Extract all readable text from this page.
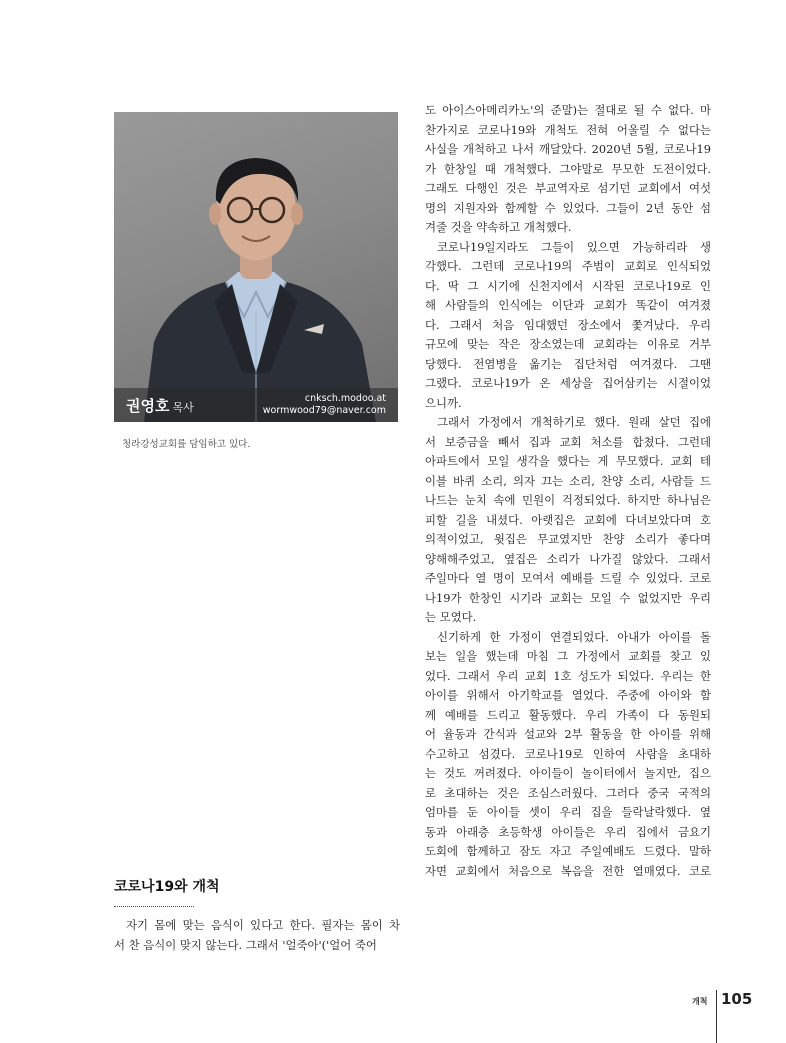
권영호 목사
cnksch.modoo.at
wormwood79@naver.com
청라강성교회를 담임하고 있다.
코로나19와 개척
자기 몸에 맞는 음식이 있다고 한다. 필자는 몸이 차
서 찬 음식이 맞지 않는다. 그래서 '얼죽아'('얼어 죽어
도 아이스아메리카노'의 준말)는 절대로 될 수 없다. 마
찬가지로 코로나19와 개척도 전혀 어울릴 수 없다는
사실을 개척하고 나서 깨달았다. 2020년 5월, 코로나19
가 한창일 때 개척했다. 그야말로 무모한 도전이었다.
그래도 다행인 것은 부교역자로 섬기던 교회에서 여섯
명의 지원자와 함께할 수 있었다. 그들이 2년 동안 섬
겨줄 것을 약속하고 개척했다.
코로나19일지라도 그들이 있으면 가능하리라 생
각했다. 그런데 코로나19의 주범이 교회로 인식되었
다. 딱 그 시기에 신천지에서 시작된 코로나19로 인
해 사람들의 인식에는 이단과 교회가 똑같이 여겨졌
다. 그래서 처음 임대했던 장소에서 쫓겨났다. 우리
규모에 맞는 작은 장소였는데 교회라는 이유로 거부
당했다. 전염병을 옮기는 집단처럼 여겨졌다. 그땐
그랬다. 코로나19가 온 세상을 집어삼키는 시절이었
으니까.
그래서 가정에서 개척하기로 했다. 원래 살던 집에
서 보증금을 빼서 집과 교회 처소를 합쳤다. 그런데
아파트에서 모일 생각을 했다는 게 무모했다. 교회 테
이블 바퀴 소리, 의자 끄는 소리, 찬양 소리, 사람들 드
나드는 눈치 속에 민원이 걱정되었다. 하지만 하나님은
피할 길을 내셨다. 아랫집은 교회에 다녀보았다며 호
의적이었고, 윗집은 무교였지만 찬양 소리가 좋다며
양해해주었고, 옆집은 소리가 나가질 않았다. 그래서
주일마다 열 명이 모여서 예배를 드릴 수 있었다. 코로
나19가 한창인 시기라 교회는 모일 수 없었지만 우리
는 모였다.
신기하게 한 가정이 연결되었다. 아내가 아이를 돌
보는 일을 했는데 마침 그 가정에서 교회를 찾고 있
었다. 그래서 우리 교회 1호 성도가 되었다. 우리는 한
아이를 위해서 아기학교를 열었다. 주중에 아이와 함
께 예배를 드리고 활동했다. 우리 가족이 다 동원되
어 율동과 간식과 설교와 2부 활동을 한 아이를 위해
수고하고 섬겼다. 코로나19로 인하여 사람을 초대하
는 것도 꺼려졌다. 아이들이 놀이터에서 놀지만, 집으
로 초대하는 것은 조심스러웠다. 그러다 중국 국적의
엄마를 둔 아이들 셋이 우리 집을 들락날락했다. 옆
동과 아래층 초등학생 아이들은 우리 집에서 금요기
도회에 함께하고 잠도 자고 주일예배도 드렸다. 말하
자면 교회에서 처음으로 복음을 전한 열매였다. 코로
개척 105
